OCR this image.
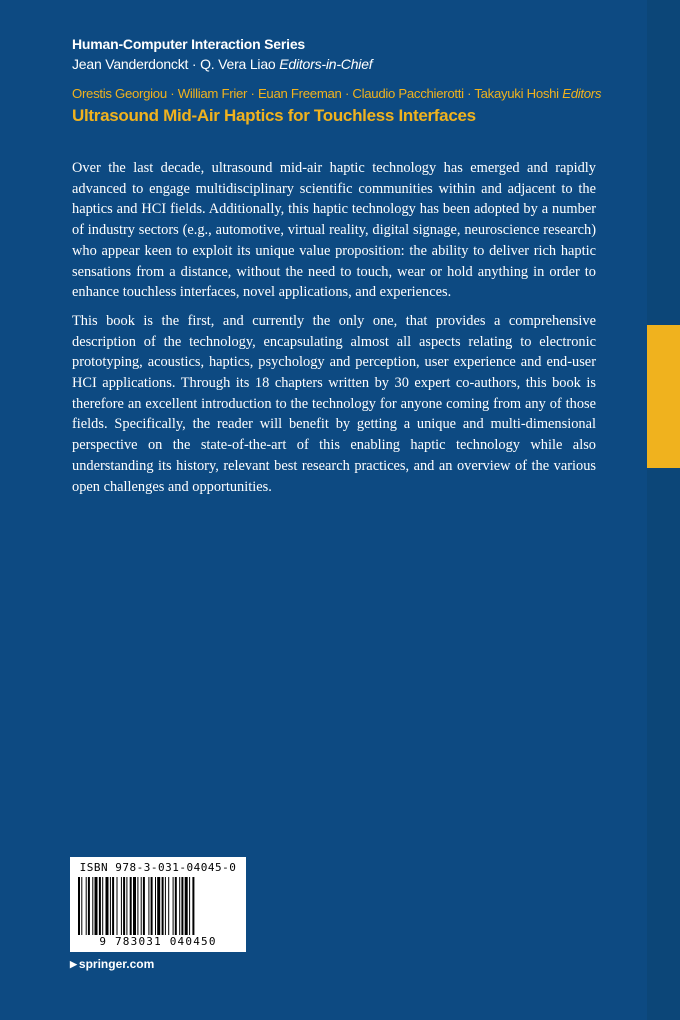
Human-Computer Interaction Series
Jean Vanderdonckt · Q. Vera Liao Editors-in-Chief
Orestis Georgiou · William Frier · Euan Freeman · Claudio Pacchierotti · Takayuki Hoshi Editors
Ultrasound Mid-Air Haptics for Touchless Interfaces

Over the last decade, ultrasound mid-air haptic technology has emerged and rapidly advanced to engage multidisciplinary scientific communities within and adjacent to the haptics and HCI fields. Additionally, this haptic technology has been adopted by a number of industry sectors (e.g., automotive, virtual reality, digital signage, neuroscience research) who appear keen to exploit its unique value proposition: the ability to deliver rich haptic sensations from a distance, without the need to touch, wear or hold anything in order to enhance touchless interfaces, novel applications, and experiences.

This book is the first, and currently the only one, that provides a comprehensive description of the technology, encapsulating almost all aspects relating to electronic prototyping, acoustics, haptics, psychology and perception, user experience and end-user HCI applications. Through its 18 chapters written by 30 expert co-authors, this book is therefore an excellent introduction to the technology for anyone coming from any of those fields. Specifically, the reader will benefit by getting a unique and multi-dimensional perspective on the state-of-the-art of this enabling haptic technology while also understanding its history, relevant best research practices, and an overview of the various open challenges and opportunities.

ISBN 978-3-031-04045-0
9 783031 040450
▶ springer.com
